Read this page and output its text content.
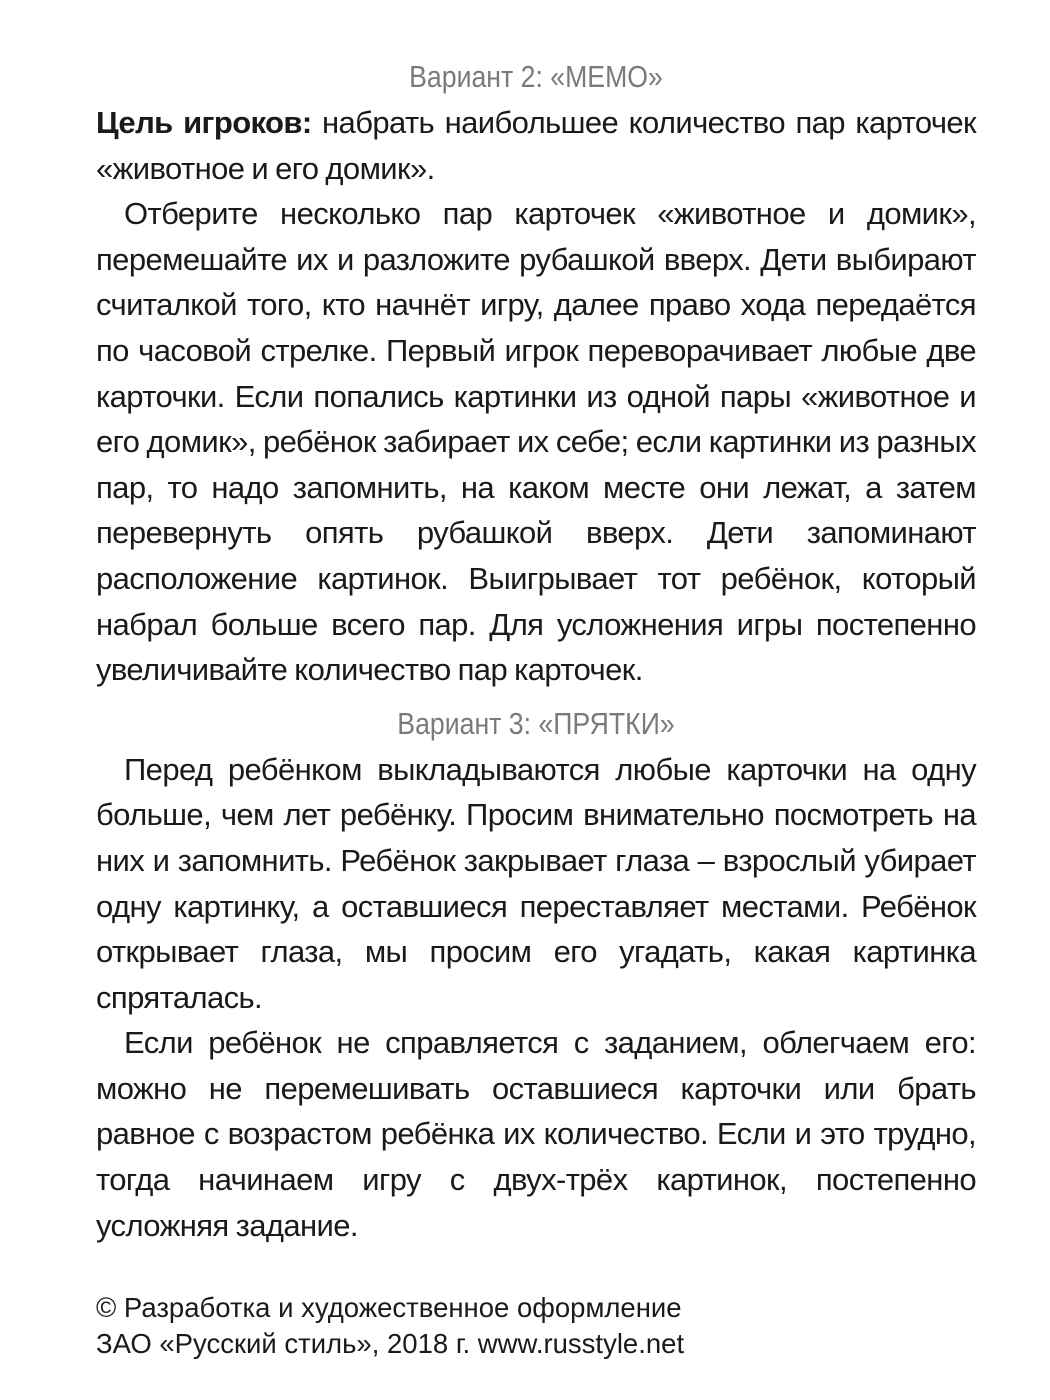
Вариант 2: «МЕМО»

Цель игроков: набрать наибольшее количество пар карточек «животное и его домик».

Отберите несколько пар карточек «животное и домик», перемешайте их и разложите рубашкой вверх. Дети выбирают считалкой того, кто начнёт игру, далее право хода передаётся по часовой стрелке. Первый игрок переворачивает любые две карточки. Если попались картинки из одной пары «животное и его домик», ребёнок забирает их себе; если картинки из разных пар, то надо запомнить, на каком месте они лежат, а затем перевернуть опять рубашкой вверх. Дети запоминают расположение картинок. Выигрывает тот ребёнок, который набрал больше всего пар. Для усложнения игры постепенно увеличивайте количество пар карточек.

Вариант 3: «ПРЯТКИ»

Перед ребёнком выкладываются любые карточки на одну больше, чем лет ребёнку. Просим внимательно посмотреть на них и запомнить. Ребёнок закрывает глаза – взрослый убирает одну картинку, а оставшиеся переставляет местами. Ребёнок открывает глаза, мы просим его угадать, какая картинка спряталась.

Если ребёнок не справляется с заданием, облегчаем его: можно не перемешивать оставшиеся карточки или брать равное с возрастом ребёнка их количество. Если и это трудно, тогда начинаем игру с двух-трёх картинок, постепенно усложняя задание.

© Разработка и художественное оформление
ЗАО «Русский стиль», 2018 г. www.russtyle.net
